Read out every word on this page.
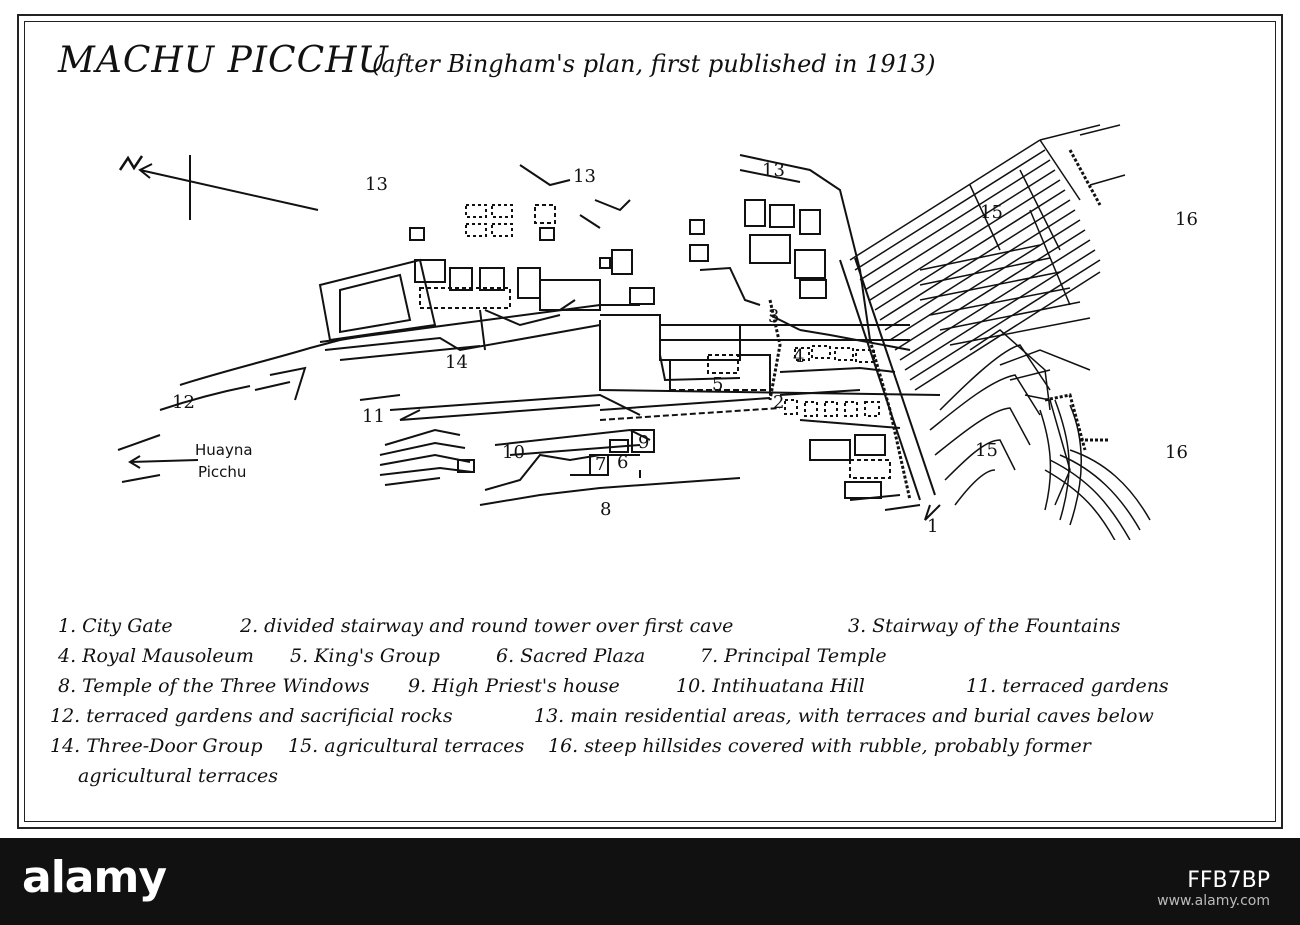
MACHU PICCHU
(after Bingham's plan, first published in 1913)
1
2
3
4
5
6
7
8
9
10
11
12
13	13	13
14
15
15
16
16
Huayna
Picchu
1. City Gate	2. divided stairway and round tower over first cave	3. Stairway of the Fountains
4. Royal Mausoleum 5. King's Group	6. Sacred Plaza	7. Principal Temple
8. Temple of the Three Windows 9. High Priest's house	10. Intihuatana Hill	11. terraced gardens
12. terraced gardens and sacrificial rocks	13. main residential areas, with terraces and burial caves below
14. Three-Door Group 15. agricultural terraces 16. steep hillsides covered with rubble, probably former
agricultural terraces
alamy	FFB7BP
www.alamy.com
